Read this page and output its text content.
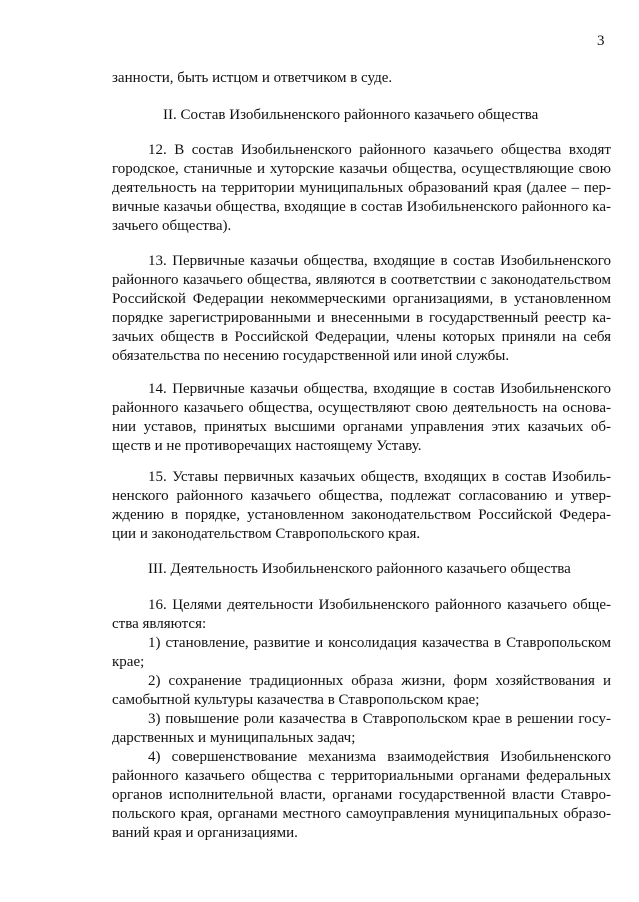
3
занности, быть истцом и ответчиком в суде.
II. Состав Изобильненского районного казачьего общества
12. В состав Изобильненского районного казачьего общества входят
городское, станичные и хуторские казачьи общества, осуществляющие свою
деятельность на территории муниципальных образований края (далее – пер-
вичные казачьи общества, входящие в состав Изобильненского районного ка-
зачьего общества).
13. Первичные казачьи общества, входящие в состав Изобильненского
районного казачьего общества, являются в соответствии с законодательством
Российской Федерации некоммерческими организациями, в установленном
порядке зарегистрированными и внесенными в государственный реестр ка-
зачьих обществ в Российской Федерации, члены которых приняли на себя
обязательства по несению государственной или иной службы.
14. Первичные казачьи общества, входящие в состав Изобильненского
районного казачьего общества, осуществляют свою деятельность на основа-
нии уставов, принятых высшими органами управления этих казачьих об-
ществ и не противоречащих настоящему Уставу.
15. Уставы первичных казачьих обществ, входящих в состав Изобиль-
ненского районного казачьего общества, подлежат согласованию и утвер-
ждению в порядке, установленном законодательством Российской Федера-
ции и законодательством Ставропольского края.
III. Деятельность Изобильненского районного казачьего общества
16. Целями деятельности Изобильненского районного казачьего обще-
ства являются:
1) становление, развитие и консолидация казачества в Ставропольском
крае;
2) сохранение традиционных образа жизни, форм хозяйствования и
самобытной культуры казачества в Ставропольском крае;
3) повышение роли казачества в Ставропольском крае в решении госу-
дарственных и муниципальных задач;
4) совершенствование механизма взаимодействия Изобильненского
районного казачьего общества с территориальными органами федеральных
органов исполнительной власти, органами государственной власти Ставро-
польского края, органами местного самоуправления муниципальных образо-
ваний края и организациями.
